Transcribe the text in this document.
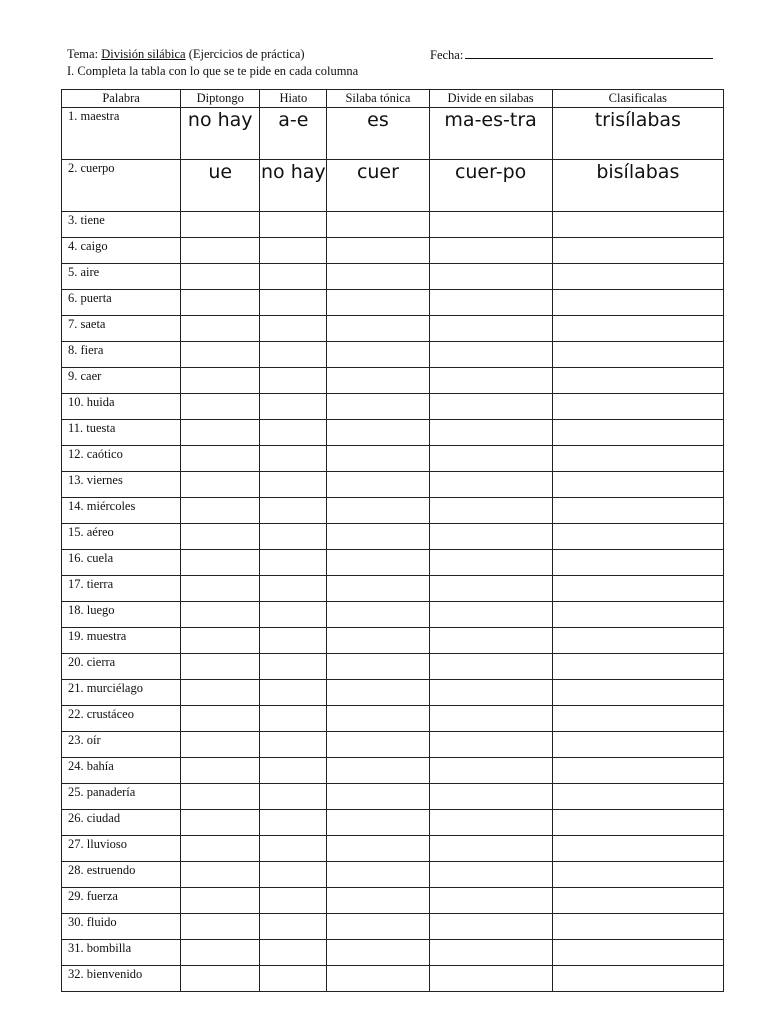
Tema: División silábica (Ejercicios de práctica)	Fecha:
I. Completa la tabla con lo que se te pide en cada columna
Palabra	Diptongo	Hiato	Silaba tónica	Divide en silabas	Clasificalas
1. maestra	no hay	a-e	es	ma-es-tra	trisílabas
2. cuerpo	ue	no hay	cuer	cuer-po	bisílabas
3. tiene					
4. caigo					
5. aire					
6. puerta					
7. saeta					
8. fiera					
9. caer					
10. huida					
11. tuesta					
12. caótico					
13. viernes					
14. miércoles					
15. aéreo					
16. cuela					
17. tierra					
18. luego					
19. muestra					
20. cierra					
21. murciélago					
22. crustáceo					
23. oír					
24. bahía					
25. panadería					
26. ciudad					
27. lluvioso					
28. estruendo					
29. fuerza					
30. fluido					
31. bombilla					
32. bienvenido					
